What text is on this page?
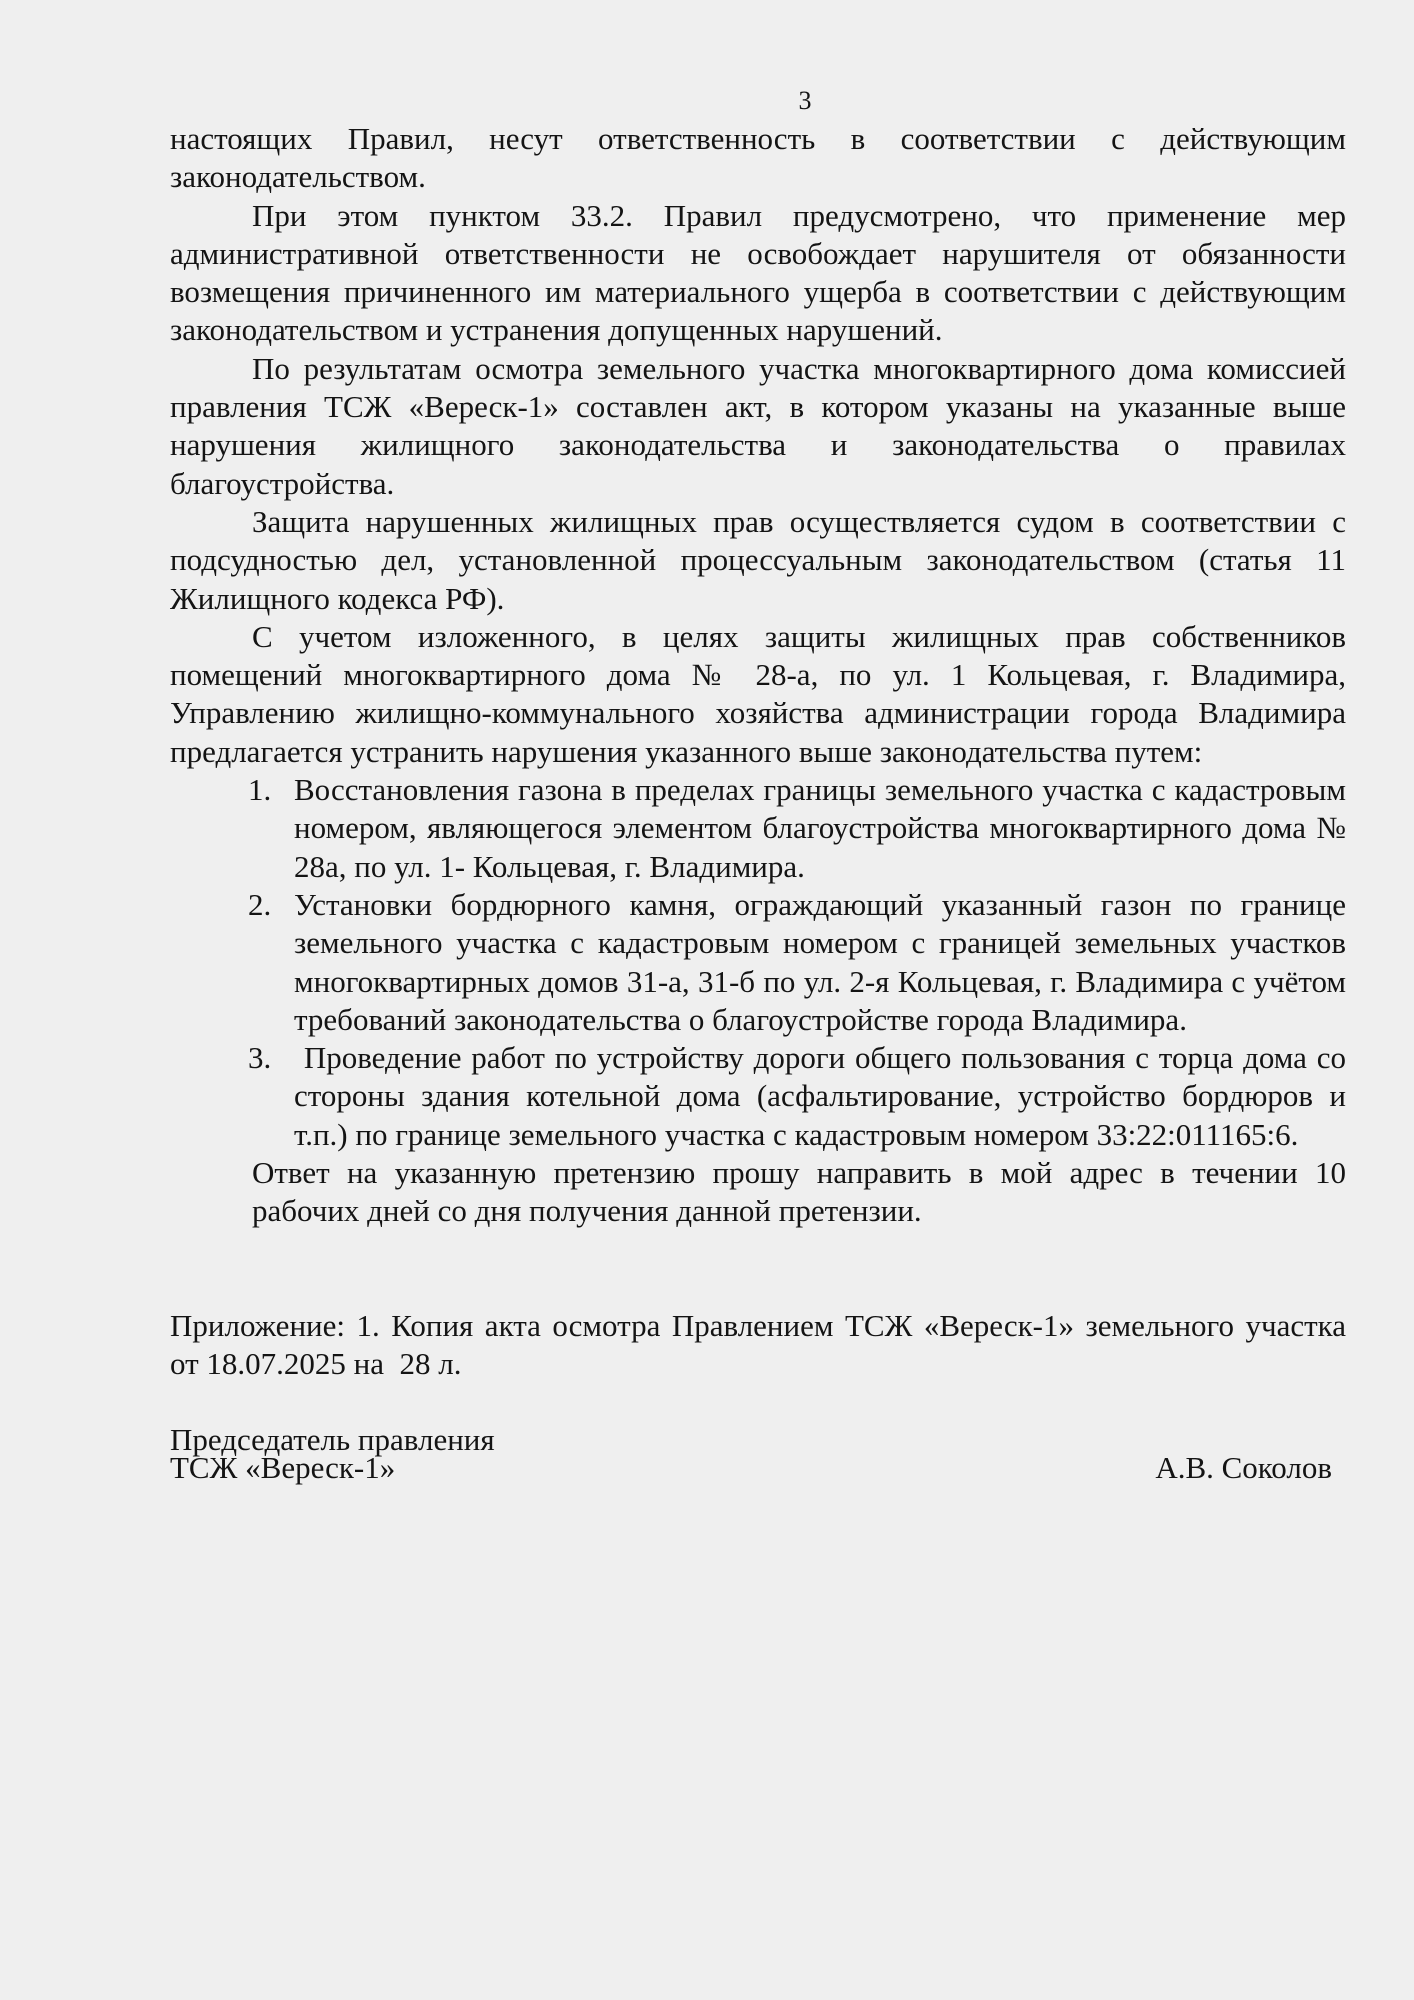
3

настоящих Правил, несут ответственность в соответствии с действующим законодательством.

При этом пунктом 33.2. Правил предусмотрено, что применение мер административной ответственности не освобождает нарушителя от обязанности возмещения причиненного им материального ущерба в соответствии с действующим законодательством и устранения допущенных нарушений.

По результатам осмотра земельного участка многоквартирного дома комиссией правления ТСЖ «Вереск-1» составлен акт, в котором указаны на указанные выше нарушения жилищного законодательства и законодательства о правилах благоустройства.

Защита нарушенных жилищных прав осуществляется судом в соответствии с подсудностью дел, установленной процессуальным законодательством (статья 11 Жилищного кодекса РФ).

С учетом изложенного, в целях защиты жилищных прав собственников помещений многоквартирного дома № 28-а, по ул. 1 Кольцевая, г. Владимира, Управлению жилищно-коммунального хозяйства администрации города Владимира предлагается устранить нарушения указанного выше законодательства путем:

1. Восстановления газона в пределах границы земельного участка с кадастровым номером, являющегося элементом благоустройства многоквартирного дома № 28а, по ул. 1- Кольцевая, г. Владимира.
2. Установки бордюрного камня, ограждающий указанный газон по границе земельного участка с кадастровым номером с границей земельных участков многоквартирных домов 31-а, 31-б по ул. 2-я Кольцевая, г. Владимира с учётом требований законодательства о благоустройстве города Владимира.
3. Проведение работ по устройству дороги общего пользования с торца дома со стороны здания котельной дома (асфальтирование, устройство бордюров и т.п.) по границе земельного участка с кадастровым номером 33:22:011165:6.

Ответ на указанную претензию прошу направить в мой адрес в течении 10 рабочих дней со дня получения данной претензии.

Приложение: 1. Копия акта осмотра Правлением ТСЖ «Вереск-1» земельного участка от 18.07.2025 на  28 л.

Председатель правления
ТСЖ «Вереск-1»	А.В. Соколов
